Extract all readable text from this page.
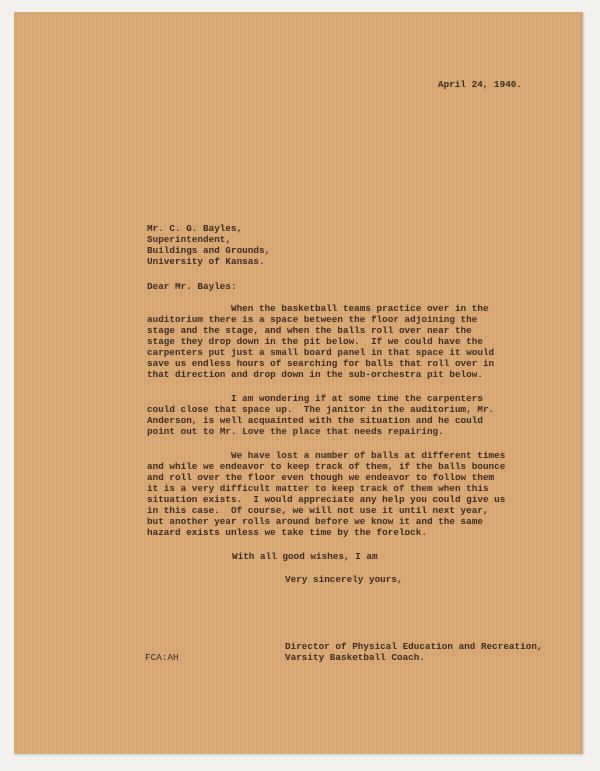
April 24, 1940.
Mr. C. G. Bayles,
Superintendent,
Buildings and Grounds,
University of Kansas.
Dear Mr. Bayles:
When the basketball teams practice over in the
auditorium there is a space between the floor adjoining the
stage and the stage, and when the balls roll over near the
stage they drop down in the pit below.  If we could have the
carpenters put just a small board panel in that space it would
save us endless hours of searching for balls that roll over in
that direction and drop down in the sub-orchestra pit below.
I am wondering if at some time the carpenters
could close that space up.  The janitor in the auditorium, Mr.
Anderson, is well acquainted with the situation and he could
point out to Mr. Love the place that needs repairing.
We have lost a number of balls at different times
and while we endeavor to keep track of them, if the balls bounce
and roll over the floor even though we endeavor to follow them
it is a very difficult matter to keep track of them when this
situation exists.  I would appreciate any help you could give us
in this case.  Of course, we will not use it until next year,
but another year rolls around before we know it and the same
hazard exists unless we take time by the forelock.
With all good wishes, I am
Very sincerely yours,
Director of Physical Education and Recreation,
Varsity Basketball Coach.
FCA:AH
